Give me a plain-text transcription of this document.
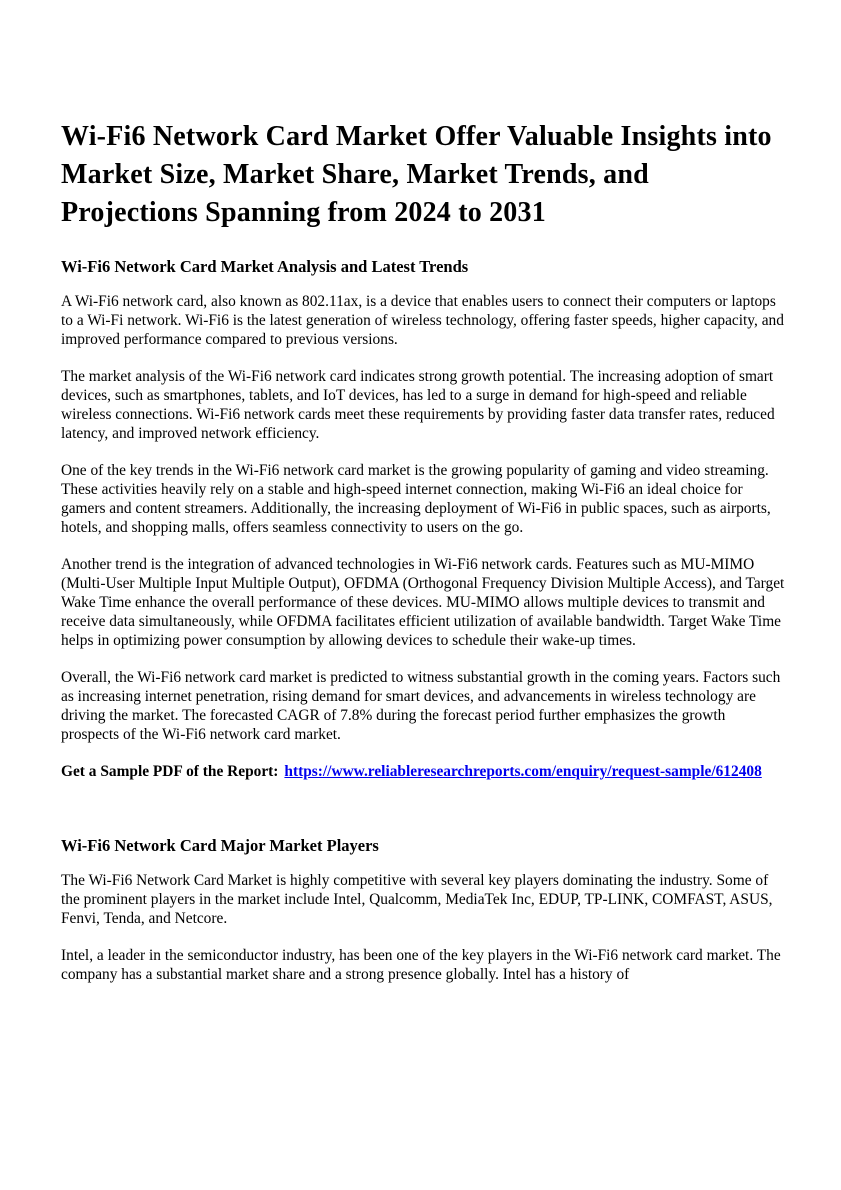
Wi-Fi6 Network Card Market Offer Valuable Insights into Market Size, Market Share, Market Trends, and Projections Spanning from 2024 to 2031
Wi-Fi6 Network Card Market Analysis and Latest Trends

A Wi-Fi6 network card, also known as 802.11ax, is a device that enables users to connect their computers or laptops to a Wi-Fi network. Wi-Fi6 is the latest generation of wireless technology, offering faster speeds, higher capacity, and improved performance compared to previous versions.

The market analysis of the Wi-Fi6 network card indicates strong growth potential. The increasing adoption of smart devices, such as smartphones, tablets, and IoT devices, has led to a surge in demand for high-speed and reliable wireless connections. Wi-Fi6 network cards meet these requirements by providing faster data transfer rates, reduced latency, and improved network efficiency.

One of the key trends in the Wi-Fi6 network card market is the growing popularity of gaming and video streaming. These activities heavily rely on a stable and high-speed internet connection, making Wi-Fi6 an ideal choice for gamers and content streamers. Additionally, the increasing deployment of Wi-Fi6 in public spaces, such as airports, hotels, and shopping malls, offers seamless connectivity to users on the go.

Another trend is the integration of advanced technologies in Wi-Fi6 network cards. Features such as MU-MIMO (Multi-User Multiple Input Multiple Output), OFDMA (Orthogonal Frequency Division Multiple Access), and Target Wake Time enhance the overall performance of these devices. MU-MIMO allows multiple devices to transmit and receive data simultaneously, while OFDMA facilitates efficient utilization of available bandwidth. Target Wake Time helps in optimizing power consumption by allowing devices to schedule their wake-up times.

Overall, the Wi-Fi6 network card market is predicted to witness substantial growth in the coming years. Factors such as increasing internet penetration, rising demand for smart devices, and advancements in wireless technology are driving the market. The forecasted CAGR of 7.8% during the forecast period further emphasizes the growth prospects of the Wi-Fi6 network card market.

Get a Sample PDF of the Report: https://www.reliableresearchreports.com/enquiry/request-sample/612408

Wi-Fi6 Network Card Major Market Players

The Wi-Fi6 Network Card Market is highly competitive with several key players dominating the industry. Some of the prominent players in the market include Intel, Qualcomm, MediaTek Inc, EDUP, TP-LINK, COMFAST, ASUS, Fenvi, Tenda, and Netcore.

Intel, a leader in the semiconductor industry, has been one of the key players in the Wi-Fi6 network card market. The company has a substantial market share and a strong presence globally. Intel has a history of
